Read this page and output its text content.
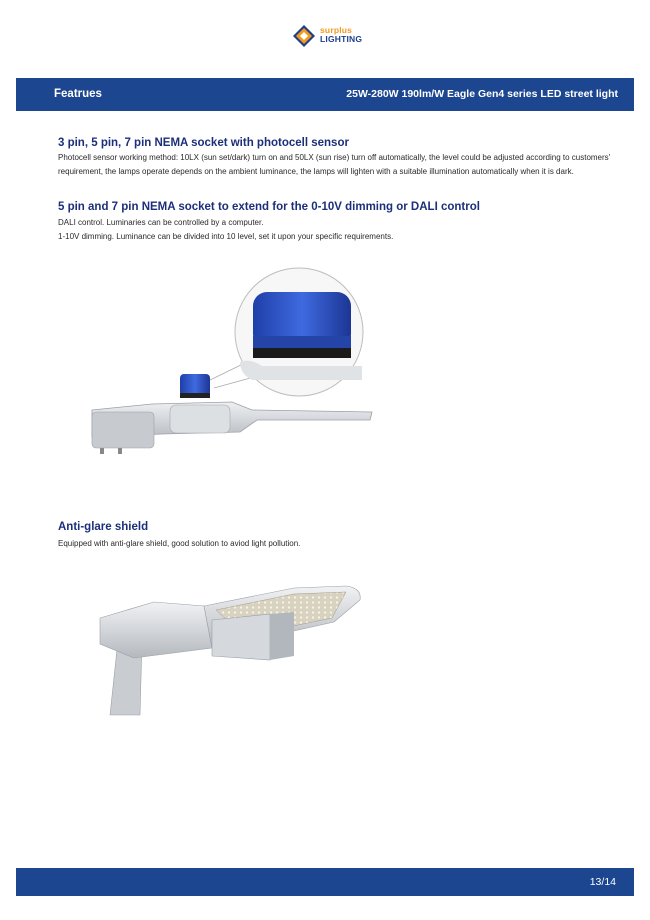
surplus
LIGHTING
Featrues	25W-280W 190lm/W Eagle Gen4 series LED street light
3 pin, 5 pin, 7 pin NEMA socket with photocell sensor
Photocell sensor working method: 10LX (sun set/dark) turn on and 50LX (sun rise) turn off automatically, the level could be adjusted according to customers' requirement, the lamps operate depends on the ambient luminance, the lamps will lighten with a suitable illumination automatically when it is dark.
5 pin and 7 pin NEMA socket to extend for the 0-10V dimming or DALI control
DALI control. Luminaries can be controlled by a computer.
1-10V dimming. Luminance can be divided into 10 level, set it upon your specific requirements.
Anti-glare shield
Equipped with anti-glare shield, good solution to aviod light pollution.
13/14
